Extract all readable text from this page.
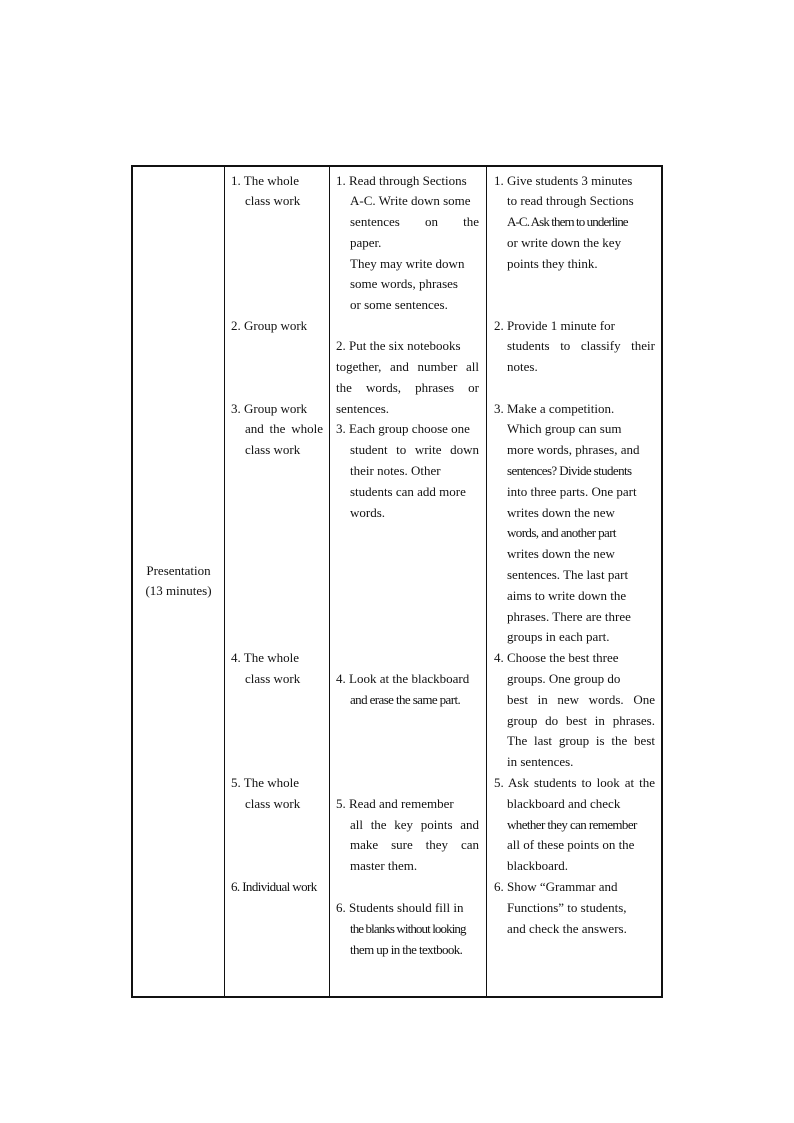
Presentation
(13 minutes)
1. The whole
class work
2. Group work
3. Group work
and the whole
class work
4. The whole
class work
5. The whole
class work
6. Individual work
1. Read through Sections
A-C. Write down some
sentences on the
paper.
They may write down
some words, phrases
or some sentences.
2. Put the six notebooks
together, and number all
the words, phrases or
sentences.
3. Each group choose one
student to write down
their notes. Other
students can add more
words.
4. Look at the blackboard
and erase the same part.
5. Read and remember
all the key points and
make sure they can
master them.
6. Students should fill in
the blanks without looking
them up in the textbook.
1. Give students 3 minutes
to read through Sections
A-C. Ask them to underline
or write down the key
points they think.
2. Provide 1 minute for
students to classify their
notes.
3. Make a competition.
Which group can sum
more words, phrases, and
sentences? Divide students
into three parts. One part
writes down the new
words, and another part
writes down the new
sentences. The last part
aims to write down the
phrases. There are three
groups in each part.
4. Choose the best three
groups. One group do
best in new words. One
group do best in phrases.
The last group is the best
in sentences.
5. Ask students to look at the
blackboard and check
whether they can remember
all of these points on the
blackboard.
6. Show “Grammar and
Functions” to students,
and check the answers.
